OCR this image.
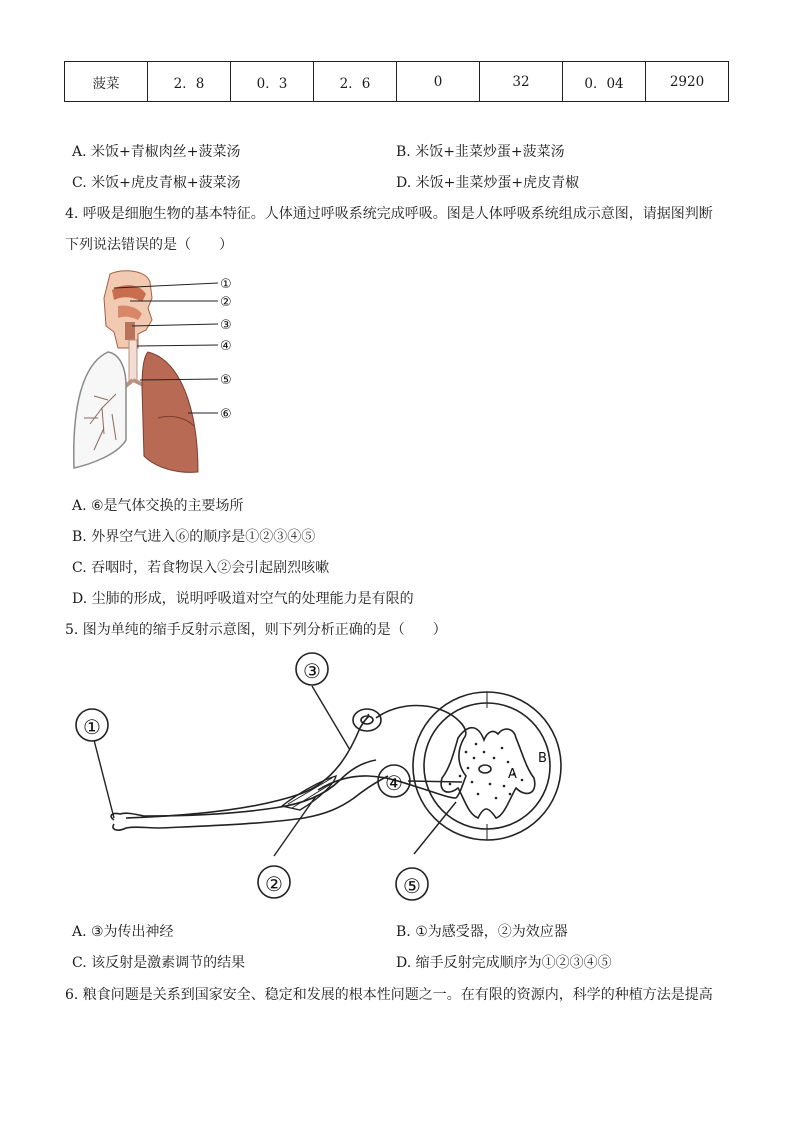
菠菜	2．8	0．3	2．6	0	32	0．04	2920
A. 米饭+青椒肉丝+菠菜汤	B. 米饭+韭菜炒蛋+菠菜汤
C. 米饭+虎皮青椒+菠菜汤	D. 米饭+韭菜炒蛋+虎皮青椒
4. 呼吸是细胞生物的基本特征。人体通过呼吸系统完成呼吸。图是人体呼吸系统组成示意图，请据图判断
下列说法错误的是（　　）
①
②
③
④
⑤
⑥
A. ⑥是气体交换的主要场所
B. 外界空气进入⑥的顺序是①②③④⑤
C. 吞咽时，若食物误入②会引起剧烈咳嗽
D. 尘肺的形成，说明呼吸道对空气的处理能力是有限的
5. 图为单纯的缩手反射示意图，则下列分析正确的是（　　）
①
②
③
④
⑤
A
B
A. ③为传出神经	B. ①为感受器，②为效应器
C. 该反射是激素调节的结果	D. 缩手反射完成顺序为①②③④⑤
6. 粮食问题是关系到国家安全、稳定和发展的根本性问题之一。在有限的资源内，科学的种植方法是提高
